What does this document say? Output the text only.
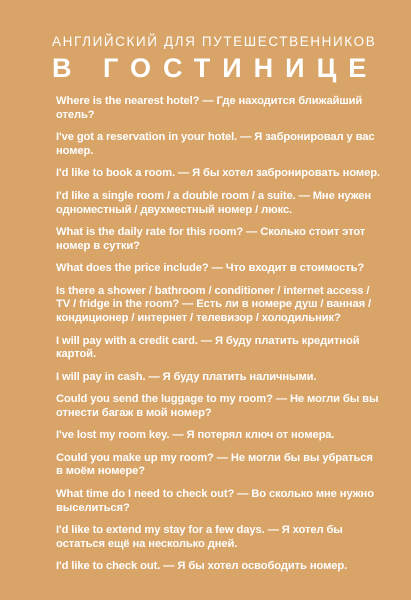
АНГЛИЙСКИЙ ДЛЯ ПУТЕШЕСТВЕННИКОВ
В ГОСТИНИЦЕ
Where is the nearest hotel? — Где находится ближайший отель?
I've got a reservation in your hotel. — Я забронировал у вас номер.
I'd like to book a room. — Я бы хотел забронировать номер.
I'd like a single room / a double room / a suite. — Мне нужен одноместный / двухместный номер / люкс.
What is the daily rate for this room? — Сколько стоит этот номер в сутки?
What does the price include? — Что входит в стоимость?
Is there a shower / bathroom / conditioner / internet access / TV / fridge in the room? — Есть ли в номере душ / ванная / кондиционер / интернет / телевизор / холодильник?
I will pay with a credit card. — Я буду платить кредитной картой.
I will pay in cash. — Я буду платить наличными.
Could you send the luggage to my room? — Не могли бы вы отнести багаж в мой номер?
I've lost my room key. — Я потерял ключ от номера.
Could you make up my room? — Не могли бы вы убраться в моём номере?
What time do I need to check out? — Во сколько мне нужно выселиться?
I'd like to extend my stay for a few days. — Я хотел бы остаться ещё на несколько дней.
I'd like to check out. — Я бы хотел освободить номер.
